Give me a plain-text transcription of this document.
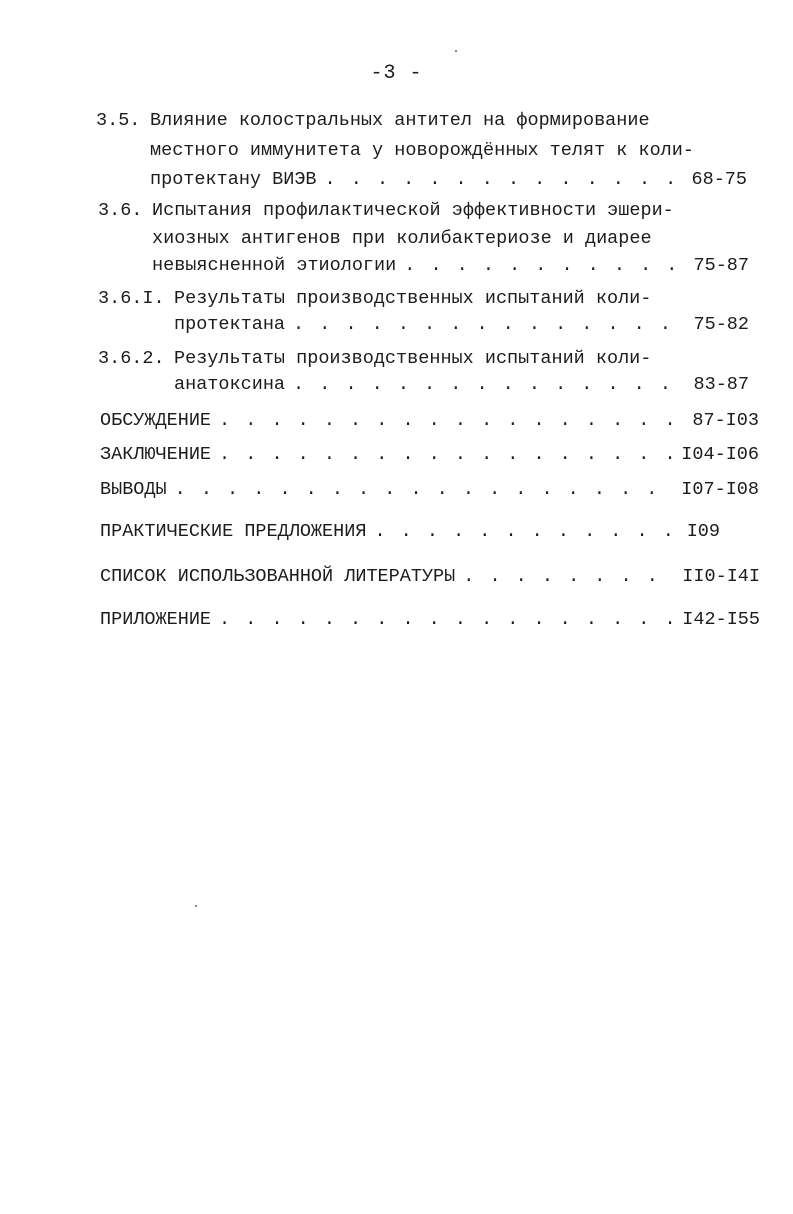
-3 -
3.5. Влияние колостральных антител на формирование
местного иммунитета у новорождённых телят к коли-
протектану ВИЭВ . . .	68-75
3.6. Испытания профилактической эффективности эшери-
хиозных антигенов при колибактериозе и диарее
невыясненной этиологии . . .	75-87
3.6.I. Результаты производственных испытаний коли-
протектана . . .	75-82
3.6.2. Результаты производственных испытаний коли-
анатоксина . . .	83-87
ОБСУЖДЕНИЕ . . .	87-I03
ЗАКЛЮЧЕНИЕ . . .	I04-I06
ВЫВОДЫ . . .	I07-I08
ПРАКТИЧЕСКИЕ ПРЕДЛОЖЕНИЯ . . .	I09
СПИСОК ИСПОЛЬЗОВАННОЙ ЛИТЕРАТУРЫ . . .	II0-I4I
ПРИЛОЖЕНИЕ . . .	I42-I55
